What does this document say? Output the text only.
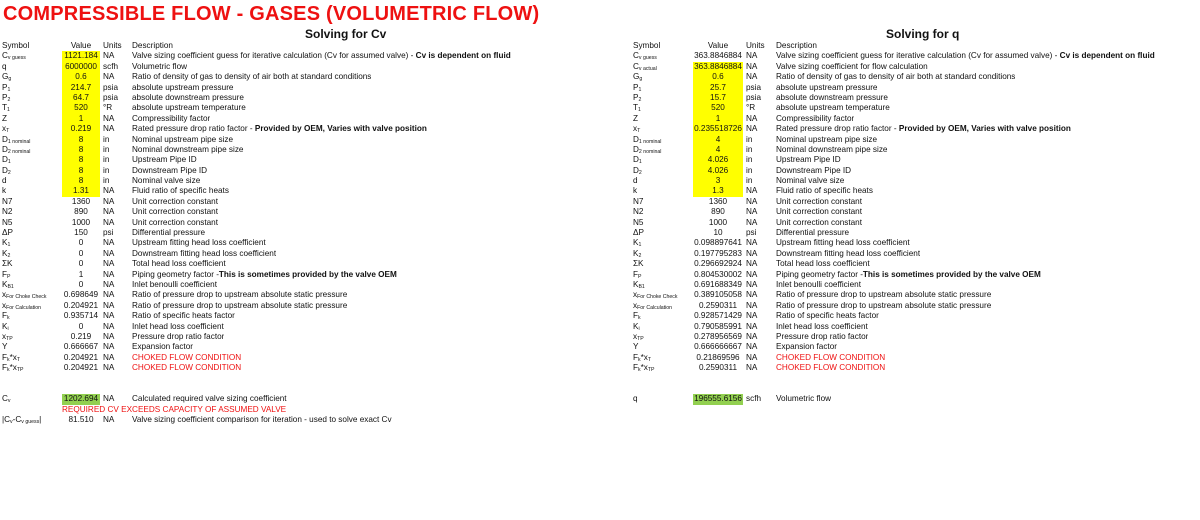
COMPRESSIBLE FLOW - GASES (VOLUMETRIC FLOW)
Solving for Cv	Solving for q
Symbol	Value	Units	Description
Cv guess	1121.184 NA	Valve sizing coefficient guess for iterative calculation (Cv for assumed valve) - Cv is dependent on fluid
q	6000000 scfh	Volumetric flow
Gg	0.6	NA	Ratio of density of gas to density of air both at standard conditions
P1	214.7	psia	absolute upstream pressure
P2	64.7	psia	absolute downstream pressure
T1	520	°R	absolute upstream temperature
Z	1	NA	Compressibility factor
xT	0.219	NA	Rated pressure drop ratio factor - Provided by OEM, Varies with valve position
D1 nominal	8	in	Nominal upstream pipe size
D2 nominal	8	in	Nominal downstream pipe size
D1	8	in	Upstream Pipe ID
D2	8	in	Downstream Pipe ID
d	8	in	Nominal valve size
k	1.31	NA	Fluid ratio of specific heats
N7	1360	NA	Unit correction constant
N2	890	NA	Unit correction constant
N5	1000	NA	Unit correction constant
ΔP	150	psi	Differential pressure
K1	0	NA	Upstream fitting head loss coefficient
K2	0	NA	Downstream fitting head loss coefficient
ΣK	0	NA	Total head loss coefficient
FP	1	NA	Piping geometry factor -This is sometimes provided by the valve OEM
KB1	0	NA	Inlet benoulli coefficient
xFor Choke Check	0.698649 NA	Ratio of pressure drop to upstream absolute static pressure
xFor Calculation	0.204921 NA	Ratio of pressure drop to upstream absolute static pressure
Fk	0.935714 NA	Ratio of specific heats factor
Ki	0	NA	Inlet head loss coefficient
xTP	0.219	NA	Pressure drop ratio factor
Y	0.666667 NA	Expansion factor
Fk*xT	0.204921 NA	CHOKED FLOW CONDITION
Fk*xTP	0.204921 NA	CHOKED FLOW CONDITION
Cv	1202.694 NA	Calculated required valve sizing coefficient
REQUIRED CV EXCEEDS CAPACITY OF ASSUMED VALVE
|Cv-Cv guess|	81.510	NA	Valve sizing coefficient comparison for iteration - used to solve exact Cv
Symbol	Value	Units	Description
Cv guess	363.8846884 NA	Valve sizing coefficient guess for iterative calculation (Cv for assumed valve) - Cv is dependent on fluid
Cv actual	363.8846884 NA	Valve sizing coefficient for flow calculation
Gg	0.6	NA	Ratio of density of gas to density of air both at standard conditions
P1	25.7	psia	absolute upstream pressure
P2	15.7	psia	absolute downstream pressure
T1	520	°R	absolute upstream temperature
Z	1	NA	Compressibility factor
xT	0.235518726 NA	Rated pressure drop ratio factor - Provided by OEM, Varies with valve position
D1 nominal	4	in	Nominal upstream pipe size
D2 nominal	4	in	Nominal downstream pipe size
D1	4.026	in	Upstream Pipe ID
D2	4.026	in	Downstream Pipe ID
d	3	in	Nominal valve size
k	1.3	NA	Fluid ratio of specific heats
N7	1360	NA	Unit correction constant
N2	890	NA	Unit correction constant
N5	1000	NA	Unit correction constant
ΔP	10	psi	Differential pressure
K1	0.098897641 NA	Upstream fitting head loss coefficient
K2	0.197795283 NA	Downstream fitting head loss coefficient
ΣK	0.296692924 NA	Total head loss coefficient
FP	0.804530002 NA	Piping geometry factor -This is sometimes provided by the valve OEM
KB1	0.691688349 NA	Inlet benoulli coefficient
xFor Choke Check	0.389105058 NA	Ratio of pressure drop to upstream absolute static pressure
xFor Calculation	0.2590311	NA	Ratio of pressure drop to upstream absolute static pressure
Fk	0.928571429 NA	Ratio of specific heats factor
Ki	0.790585991 NA	Inlet head loss coefficient
xTP	0.278956569 NA	Pressure drop ratio factor
Y	0.666666667 NA	Expansion factor
Fk*xT	0.21869596 NA	CHOKED FLOW CONDITION
Fk*xTP	0.2590311	NA	CHOKED FLOW CONDITION
q	196555.6156 scfh	Volumetric flow
